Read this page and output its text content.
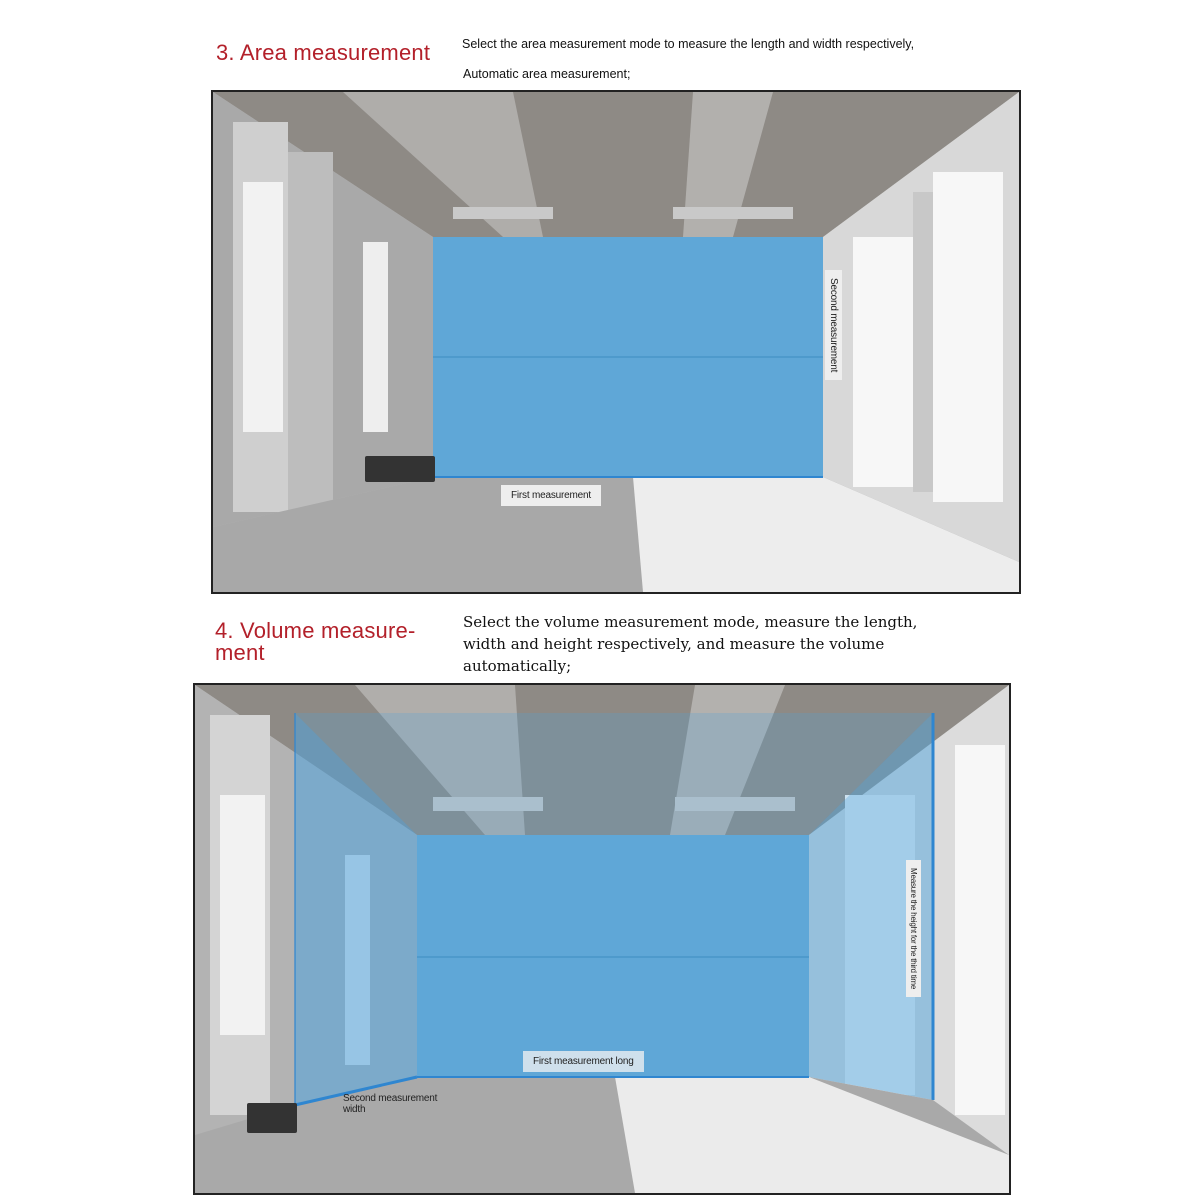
3. Area measurement	Select the area measurement mode to measure the length and width respectively,
Automatic area measurement;
First measurement
Second measurement
4. Volume measure-
ment
Select the volume measurement mode, measure the length,
width and height respectively, and measure the volume
automatically;
First measurement long
Second measurement
width
Measure the height for the third time
